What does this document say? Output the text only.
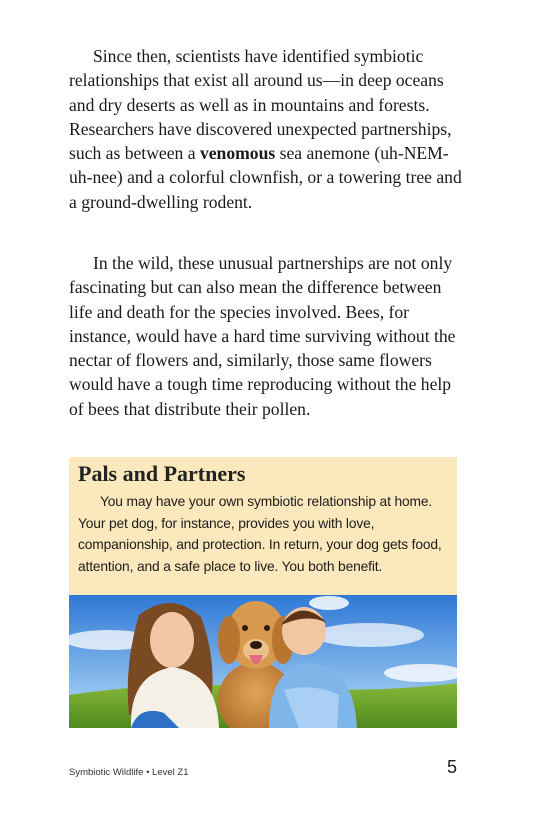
Since then, scientists have identified symbiotic relationships that exist all around us—in deep oceans and dry deserts as well as in mountains and forests. Researchers have discovered unexpected partnerships, such as between a venomous sea anemone (uh-NEM-uh-nee) and a colorful clownfish, or a towering tree and a ground-dwelling rodent.

In the wild, these unusual partnerships are not only fascinating but can also mean the difference between life and death for the species involved. Bees, for instance, would have a hard time surviving without the nectar of flowers and, similarly, those same flowers would have a tough time reproducing without the help of bees that distribute their pollen.

Pals and Partners

You may have your own symbiotic relationship at home. Your pet dog, for instance, provides you with love, companionship, and protection. In return, your dog gets food, attention, and a safe place to live. You both benefit.

Symbiotic Wildlife • Level Z1	5
